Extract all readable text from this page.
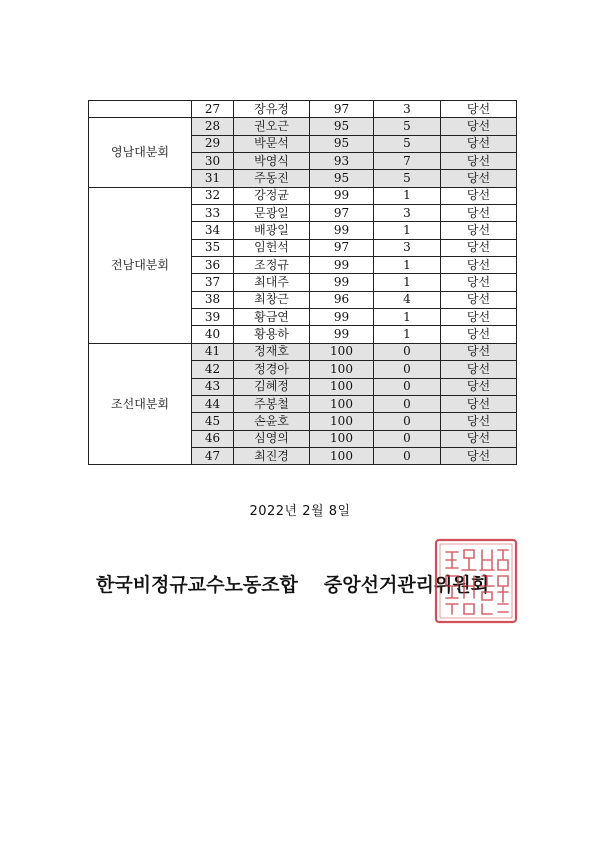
	27	장유정	97	3	당선
영남대분회	28	권오근	95	5	당선
	29	박문석	95	5	당선
	30	박영식	93	7	당선
	31	주동진	95	5	당선
전남대분회	32	강정균	99	1	당선
	33	문광일	97	3	당선
	34	배광일	99	1	당선
	35	임헌석	97	3	당선
	36	조정규	99	1	당선
	37	최대주	99	1	당선
	38	최창근	96	4	당선
	39	황금연	99	1	당선
	40	황용하	99	1	당선
조선대분회	41	정재호	100	0	당선
	42	정경아	100	0	당선
	43	김혜정	100	0	당선
	44	주봉철	100	0	당선
	45	손윤호	100	0	당선
	46	심영의	100	0	당선
	47	최진경	100	0	당선
2022년 2월 8일
한국비정규교수노동조합 중앙선거관리위원회
